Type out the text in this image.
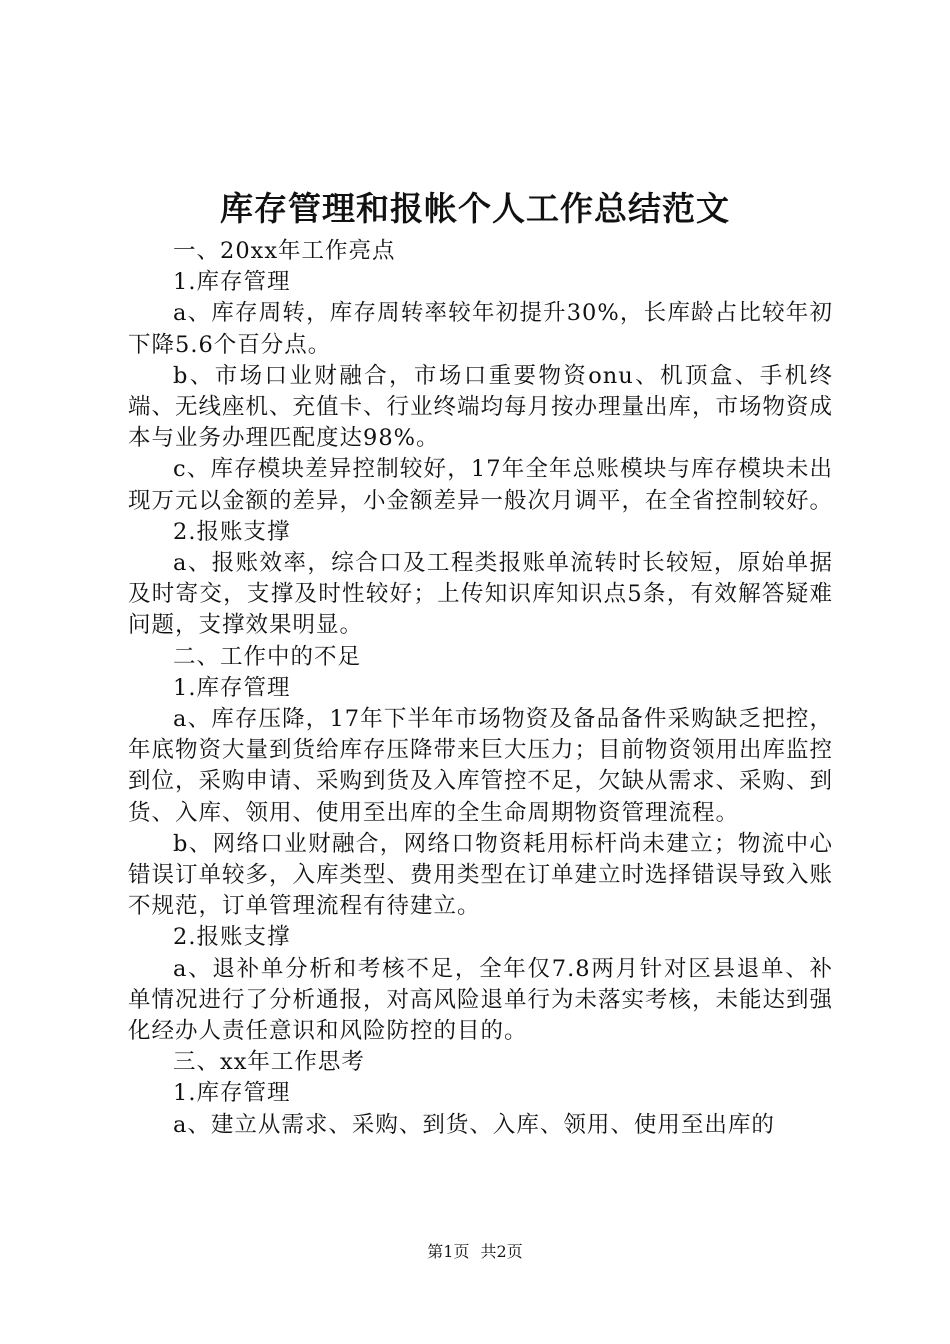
库存管理和报帐个人工作总结范文

一、20xx年工作亮点

1.库存管理

a、库存周转，库存周转率较年初提升30%，长库龄占比较年初下降5.6个百分点。

b、市场口业财融合，市场口重要物资onu、机顶盒、手机终端、无线座机、充值卡、行业终端均每月按办理量出库，市场物资成本与业务办理匹配度达98%。

c、库存模块差异控制较好，17年全年总账模块与库存模块未出现万元以金额的差异，小金额差异一般次月调平，在全省控制较好。

2.报账支撑

a、报账效率，综合口及工程类报账单流转时长较短，原始单据及时寄交，支撑及时性较好；上传知识库知识点5条，有效解答疑难问题，支撑效果明显。

二、工作中的不足

1.库存管理

a、库存压降，17年下半年市场物资及备品备件采购缺乏把控，年底物资大量到货给库存压降带来巨大压力；目前物资领用出库监控到位，采购申请、采购到货及入库管控不足，欠缺从需求、采购、到货、入库、领用、使用至出库的全生命周期物资管理流程。

b、网络口业财融合，网络口物资耗用标杆尚未建立；物流中心错误订单较多，入库类型、费用类型在订单建立时选择错误导致入账不规范，订单管理流程有待建立。

2.报账支撑

a、退补单分析和考核不足，全年仅7.8两月针对区县退单、补单情况进行了分析通报，对高风险退单行为未落实考核，未能达到强化经办人责任意识和风险防控的目的。

三、xx年工作思考

1.库存管理

a、建立从需求、采购、到货、入库、领用、使用至出库的

第1页 共2页
